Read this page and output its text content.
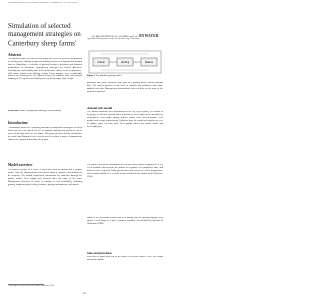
Proceedings of the New Zealand Grassland Association 63: 295-300 (2001)
Simulation of selected management strategies on Canterbury sheep farms$^1$
J.B. ZIEGELMEYER, P.G. HARRIS, and A.C. BYWATER
Agricultural Management Group, Lincoln University, Canterbury
Abstract

A simulation model was used to investigate the effects of various combinations of stocking rate, shifting weight and lambing season on a hypothetical dryland farm in Canterbury. A selection of physical results is presented and financial implications of alternative management strategies are briefly discussed. Stocking rate and lambing time had considerable effects on the performance, with minor effects from shifting weight. Gross margins were considerably affected by stocking rate, the highest return was obtained with conventional lambing at 12 su per ha and shifting ewes at 10 kg empty body weight.

Keywords: model, management strategy, sheep farming

Introduction

A simulation model for evaluating alternative management strategies on sheep farms has been developed. Its use in strategic management questions can be more useful than trials on real farms. This paper presents briefly summarises the model and illustrates how it can be used to explore a range of management options on a typical Canterbury sheep farm.

Model overview

The model consists of a series of processes from an animal and a pasture model, with the characteristics and current status of pastures and animals on the property. The animal biophysical interactions are modelled through the animal model. Feed supply and demand drive the state of the farm. Management decisions are made in response to feed availability, including grazing, supplementary feeding, lactation, grazing management, and animal

1 This paper was presented at the annual conference 2001
Animal	Grazing	Pasture
Figure 1 The paddock grazing model

paddocks and mobs. Paddocks and mobs in a grazing model interact through time. The model operates at the level of animals and paddocks with states updated each day. Management intermediates between these at the same of the animals or pastures.

Animal sub-model

The animal sub-model uses information on the sex, age or grade, of a cluster or by group, in which it consists that a reduction in liveweight can be identified as consequence. Liveweight change follows intake from offered pasture, feed quality, and energy requirements. Paddocks may be considered together as a set of pasture types for each mob. Feed quality affects dry matter intake and liveweight gain.

The pasture sub-model information on leaf and other pasture components. It is a set of variables that describe the pasture in vegetative or reproductive state, and different rates of growth. Daily growth rates and senescence reflect temperatures and seasonal rainfall. It is a model which is linked to the animal model (Bywater 2000).

Intake is set by pasture density and feed quality, and the grazing manager may choose a feed target as a pool of pasture available, as described by Bywater & Nicholson (1986).

Sale and purchase

Each mob is made from one of the model's livestock classes: ewes, ewe lambs and wether lambs.

295
